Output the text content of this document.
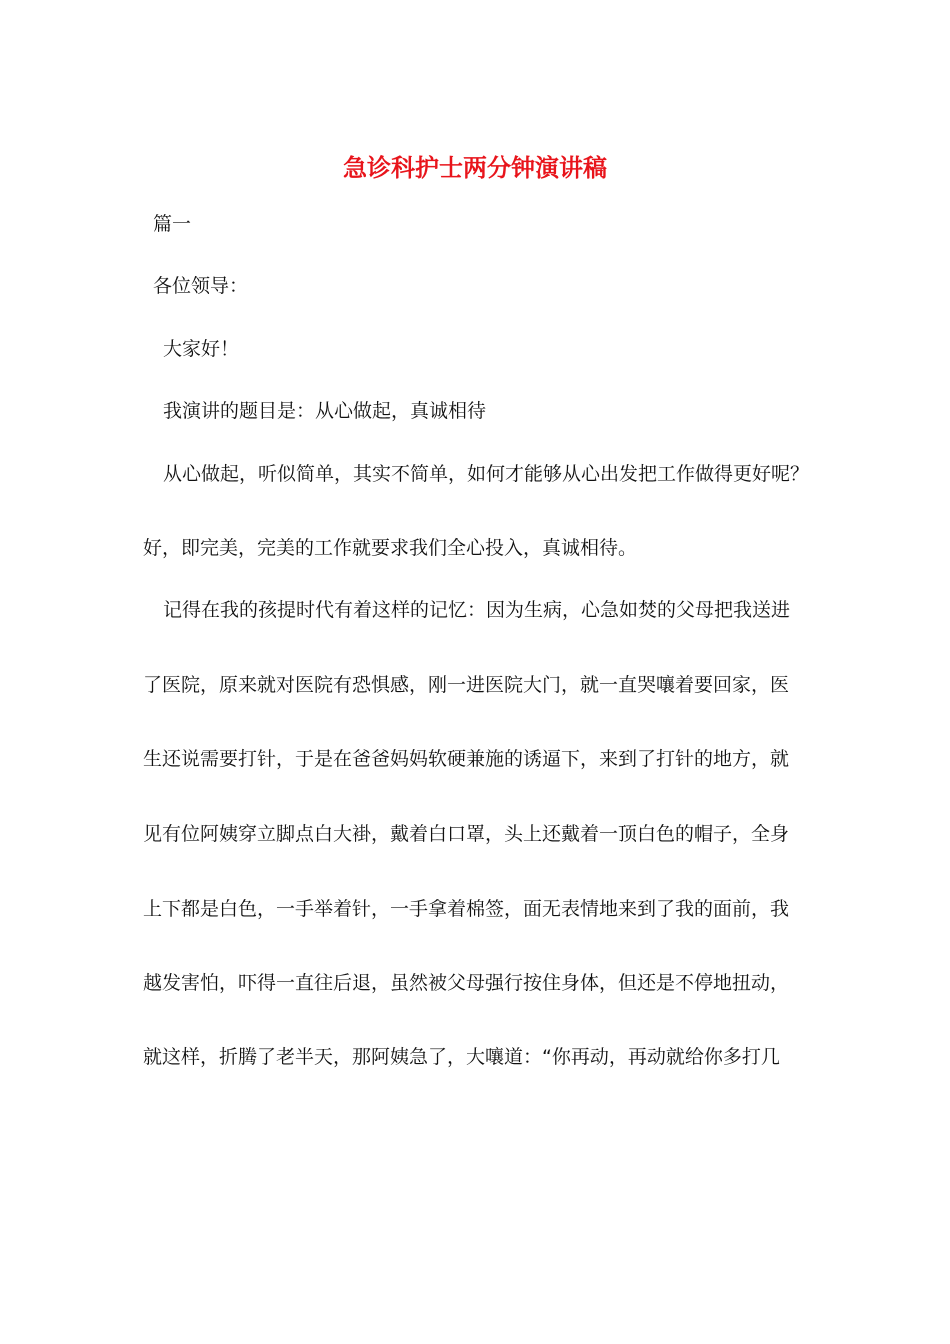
急诊科护士两分钟演讲稿

篇一

各位领导：

大家好！

我演讲的题目是：从心做起，真诚相待

从心做起，听似简单，其实不简单，如何才能够从心出发把工作做得更好呢？

好，即完美，完美的工作就要求我们全心投入，真诚相待。

记得在我的孩提时代有着这样的记忆：因为生病，心急如焚的父母把我送进

了医院，原来就对医院有恐惧感，刚一进医院大门，就一直哭嚷着要回家，医

生还说需要打针，于是在爸爸妈妈软硬兼施的诱逼下，来到了打针的地方，就

见有位阿姨穿立脚点白大褂，戴着白口罩，头上还戴着一顶白色的帽子，全身

上下都是白色，一手举着针，一手拿着棉签，面无表情地来到了我的面前，我

越发害怕，吓得一直往后退，虽然被父母强行按住身体，但还是不停地扭动，

就这样，折腾了老半天，那阿姨急了，大嚷道：“你再动，再动就给你多打几
